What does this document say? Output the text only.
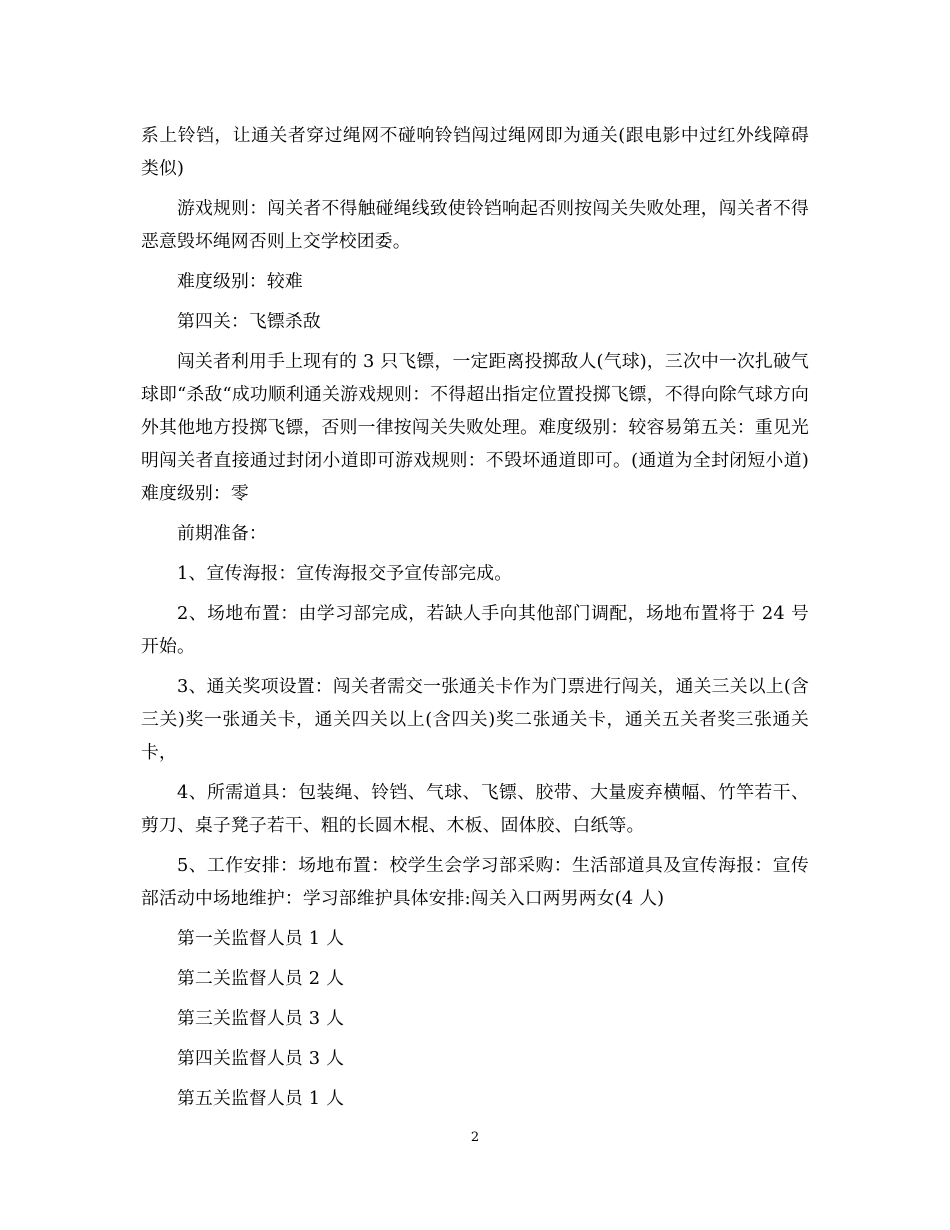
系上铃铛，让通关者穿过绳网不碰响铃铛闯过绳网即为通关(跟电影中过红外线障碍类似)

游戏规则：闯关者不得触碰绳线致使铃铛响起否则按闯关失败处理，闯关者不得恶意毁坏绳网否则上交学校团委。

难度级别：较难

第四关：飞镖杀敌

闯关者利用手上现有的 3 只飞镖，一定距离投掷敌人(气球)，三次中一次扎破气球即“杀敌“成功顺利通关游戏规则：不得超出指定位置投掷飞镖，不得向除气球方向外其他地方投掷飞镖，否则一律按闯关失败处理。难度级别：较容易第五关：重见光明闯关者直接通过封闭小道即可游戏规则：不毁坏通道即可。(通道为全封闭短小道)难度级别：零

前期准备：

1、宣传海报：宣传海报交予宣传部完成。

2、场地布置：由学习部完成，若缺人手向其他部门调配，场地布置将于 24 号开始。

3、通关奖项设置：闯关者需交一张通关卡作为门票进行闯关，通关三关以上(含三关)奖一张通关卡，通关四关以上(含四关)奖二张通关卡，通关五关者奖三张通关卡，

4、所需道具：包装绳、铃铛、气球、飞镖、胶带、大量废弃横幅、竹竿若干、剪刀、桌子凳子若干、粗的长圆木棍、木板、固体胶、白纸等。

5、工作安排：场地布置：校学生会学习部采购：生活部道具及宣传海报：宣传部活动中场地维护：学习部维护具体安排:闯关入口两男两女(4 人)

第一关监督人员 1 人

第二关监督人员 2 人

第三关监督人员 3 人

第四关监督人员 3 人

第五关监督人员 1 人

2
